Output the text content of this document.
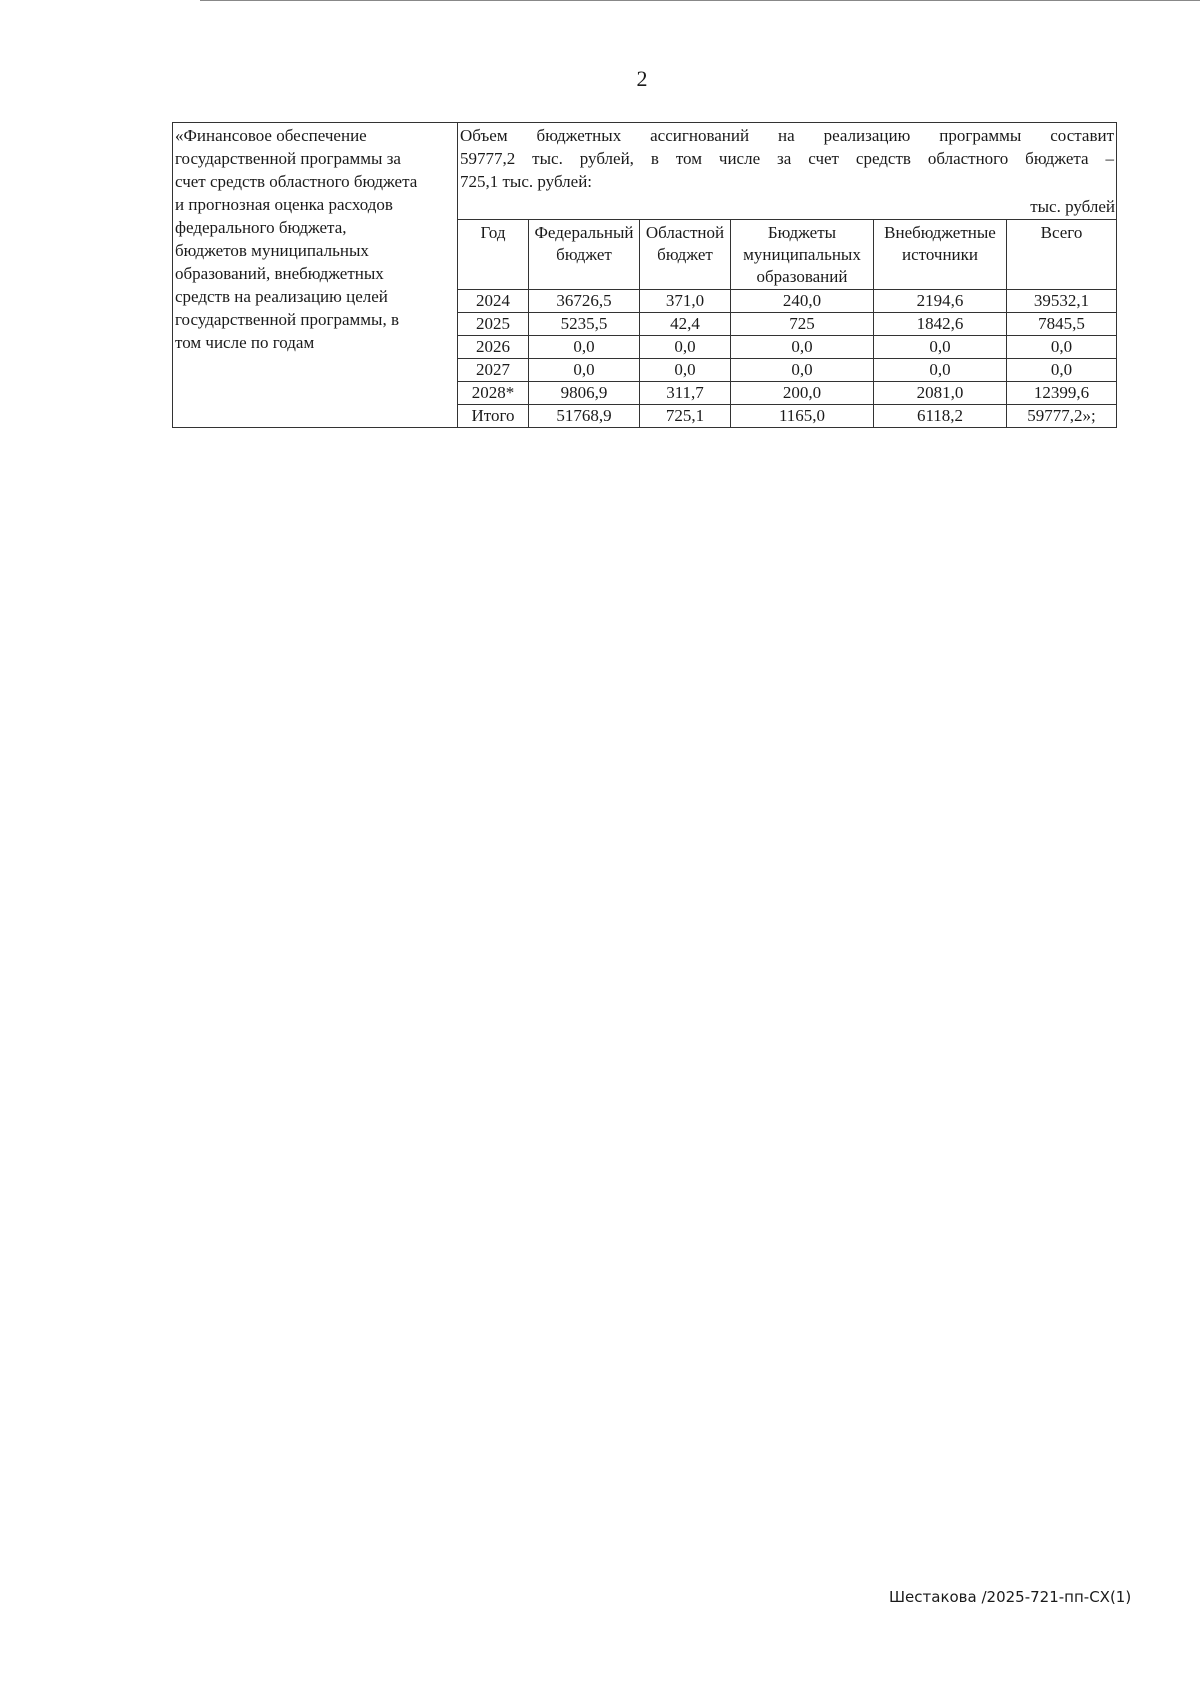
2
«Финансовое обеспечение
государственной программы за
счет средств областного бюджета
и прогнозная оценка расходов
федерального бюджета,
бюджетов муниципальных
образований, внебюджетных
средств на реализацию целей
государственной программы, в
том числе по годам

Объем бюджетных ассигнований на реализацию программы составит
59777,2 тыс. рублей, в том числе за счет средств областного бюджета –
725,1 тыс. рублей:
тыс. рублей
Год	Федеральный бюджет	Областной бюджет	Бюджеты муниципальных образований	Внебюджетные источники	Всего
2024	36726,5	371,0	240,0	2194,6	39532,1
2025	5235,5	42,4	725	1842,6	7845,5
2026	0,0	0,0	0,0	0,0	0,0
2027	0,0	0,0	0,0	0,0	0,0
2028*	9806,9	311,7	200,0	2081,0	12399,6
Итого	51768,9	725,1	1165,0	6118,2	59777,2»;
Шестакова /2025-721-пп-СХ(1)
